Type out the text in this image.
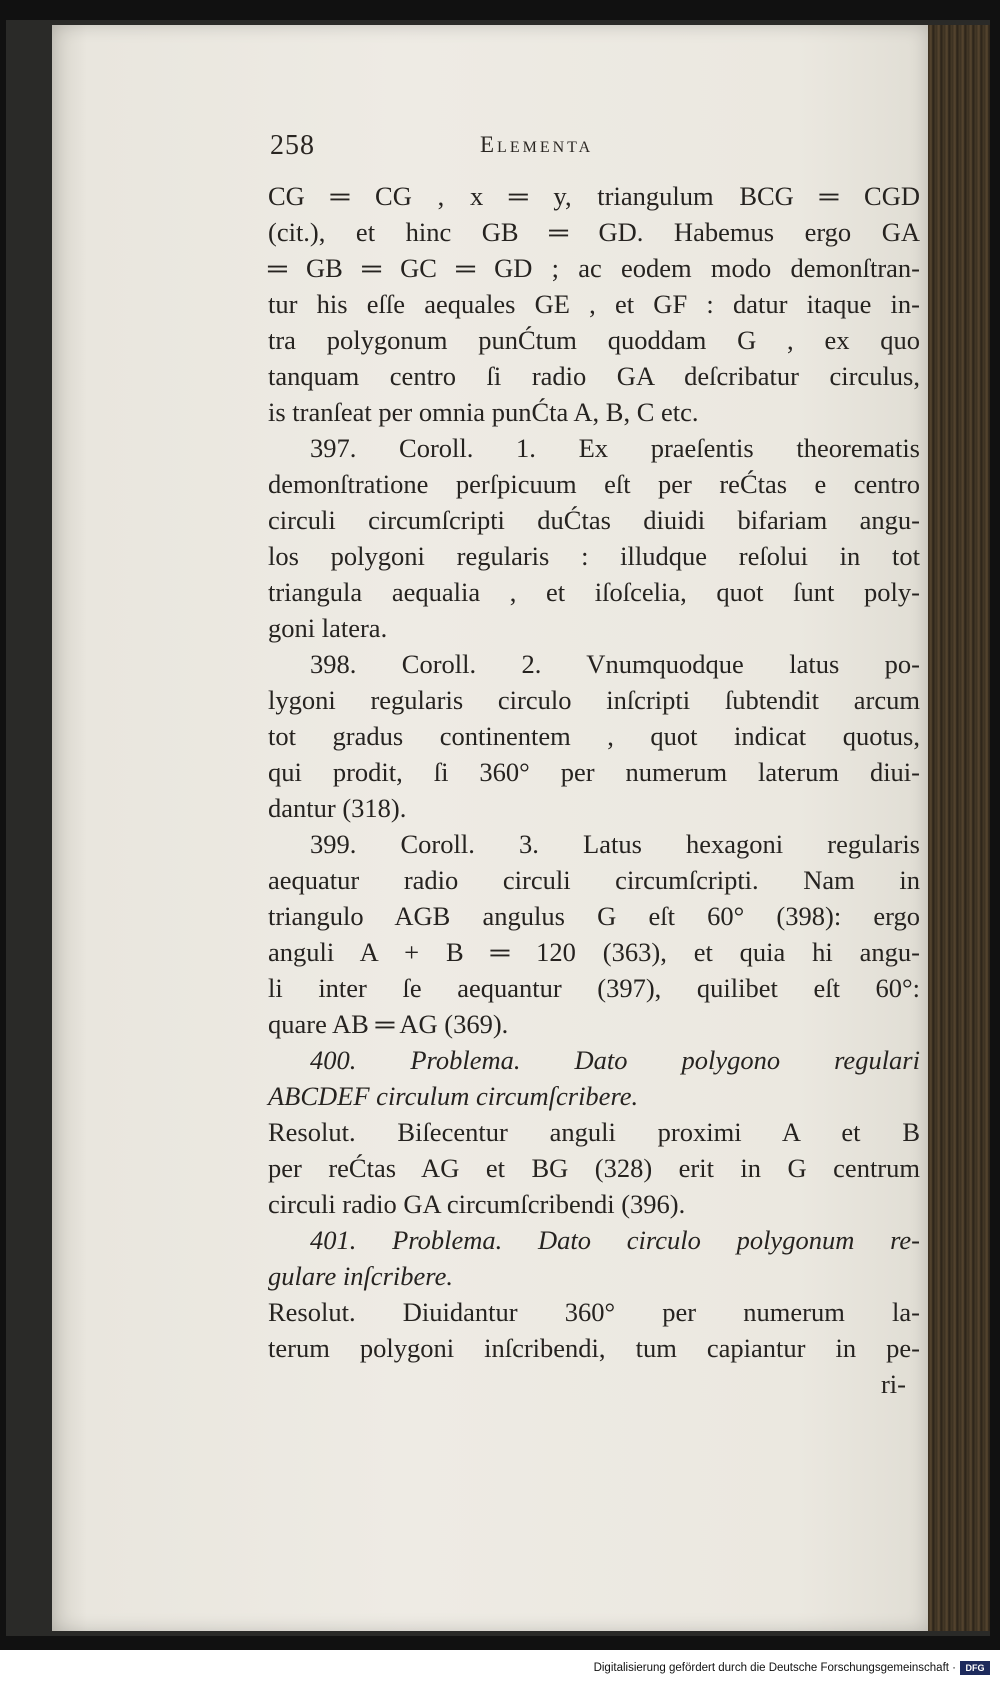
258	Elementa
CG ═ CG , x ═ y, triangulum BCG ═ CGD
(cit.), et hinc GB ═ GD. Habemus ergo GA
═ GB ═ GC ═ GD ; ac eodem modo demonſtran-
tur his eſſe aequales GE , et GF : datur itaque in-
tra polygonum punĆtum quoddam G , ex quo
tanquam centro ſi radio GA deſcribatur circulus,
is tranſeat per omnia punĆta A, B, C etc.
397. Coroll. 1. Ex praeſentis theorematis
demonſtratione perſpicuum eſt per reĆtas e centro
circuli circumſcripti duĆtas diuidi bifariam angu-
los polygoni regularis : illudque reſolui in tot
triangula aequalia , et iſoſcelia, quot ſunt poly-
goni latera.
398. Coroll. 2. Vnumquodque latus po-
lygoni regularis circulo inſcripti ſubtendit arcum
tot gradus continentem , quot indicat quotus,
qui prodit, ſi 360° per numerum laterum diui-
dantur (318).
399. Coroll. 3. Latus hexagoni regularis
aequatur radio circuli circumſcripti. Nam in
triangulo AGB angulus G eſt 60° (398): ergo
anguli A + B ═ 120 (363), et quia hi angu-
li inter ſe aequantur (397), quilibet eſt 60°:
quare AB ═ AG (369).
400. Problema. Dato polygono regulari
ABCDEF circulum circumſcribere.
Resolut. Biſecentur anguli proximi A et B
per reĆtas AG et BG (328) erit in G centrum
circuli radio GA circumſcribendi (396).
401. Problema. Dato circulo polygonum re-
gulare inſcribere.
Resolut. Diuidantur 360° per numerum la-
terum polygoni inſcribendi, tum capiantur in pe-
ri-
Digitalisierung gefördert durch die Deutsche Forschungsgemeinschaft ·	DFG
